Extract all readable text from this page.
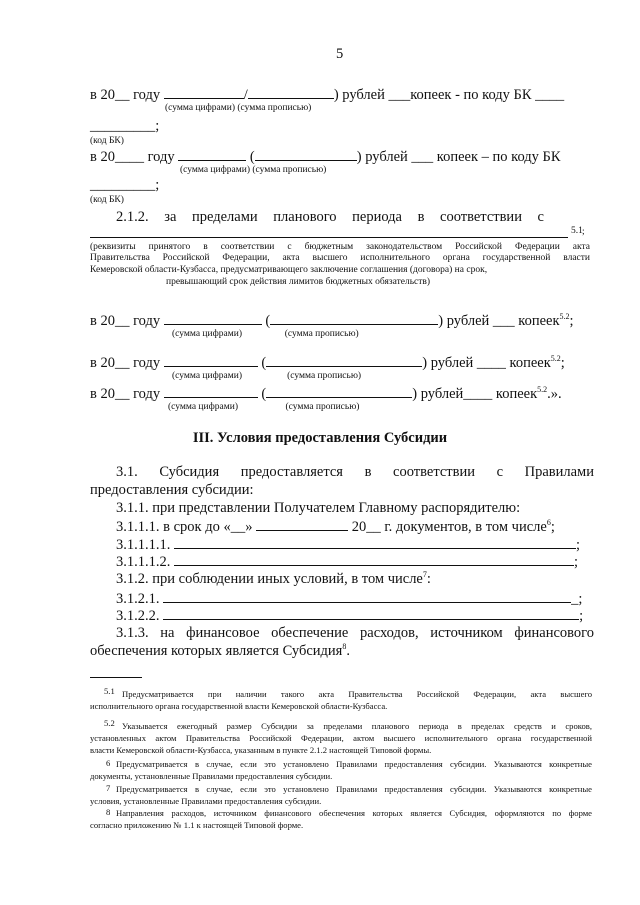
5
в 20__ году	/	) рублей ___копеек - по коду БК ____
(сумма цифрами) (сумма прописью)
_________;
(код БК)
в 20____ году	(	) рублей ___ копеек – по коду БК
(сумма цифрами) (сумма прописью)
_________;
(код БК)
2.1.2. за пределами планового периода в соответствии с
5.1 ;
(реквизиты принятого в соответствии с бюджетным законодательством Российской Федерации акта
Правительства Российской Федерации, акта высшего исполнительного органа государственной власти
Кемеровской области-Кузбасса, предусматривающего заключение соглашения (договора) на срок,
превышающий срок действия лимитов бюджетных обязательств)
в 20__ году	(	) рублей ___ копеек$^{5.2}$;
(сумма цифрами)                  (сумма прописью)
в 20__ году	(	) рублей ____ копеек$^{5.2}$;
(сумма цифрами)                   (сумма прописью)
в 20__ году	(	) рублей____ копеек$^{5.2}$.».
(сумма цифрами)                    (сумма прописью)
III. Условия предоставления Субсидии
3.1. Субсидия предоставляется в соответствии с Правилами
предоставления субсидии:
3.1.1. при представлении Получателем Главному распорядителю:
3.1.1.1. в срок до «__»	20__ г. документов, в том числе$^6$;
3.1.1.1.1.	;
3.1.1.1.2.	;
3.1.2. при соблюдении иных условий, в том числе$^7$:
3.1.2.1.	_;
3.1.2.2.	;
3.1.3. на финансовое обеспечение расходов, источником финансового
обеспечения которых является Субсидия$^8$.
5.1 Предусматривается при наличии такого акта Правительства Российской Федерации, акта высшего
исполнительного органа государственной власти Кемеровской области-Кузбасса.
5.2 Указывается ежегодный размер Субсидии за пределами планового периода в пределах средств и сроков,
установленных актом Правительства Российской Федерации, актом высшего исполнительного органа государственной
власти Кемеровской области-Кузбасса, указанным в пункте 2.1.2 настоящей Типовой формы.
6 Предусматривается в случае, если это установлено Правилами предоставления субсидии. Указываются конкретные
документы, установленные Правилами предоставления субсидии.
7 Предусматривается в случае, если это установлено Правилами предоставления субсидии. Указываются конкретные
условия, установленные Правилами предоставления субсидии.
8 Направления расходов, источником финансового обеспечения которых является Субсидия, оформляются по форме
согласно приложению № 1.1 к настоящей Типовой форме.
